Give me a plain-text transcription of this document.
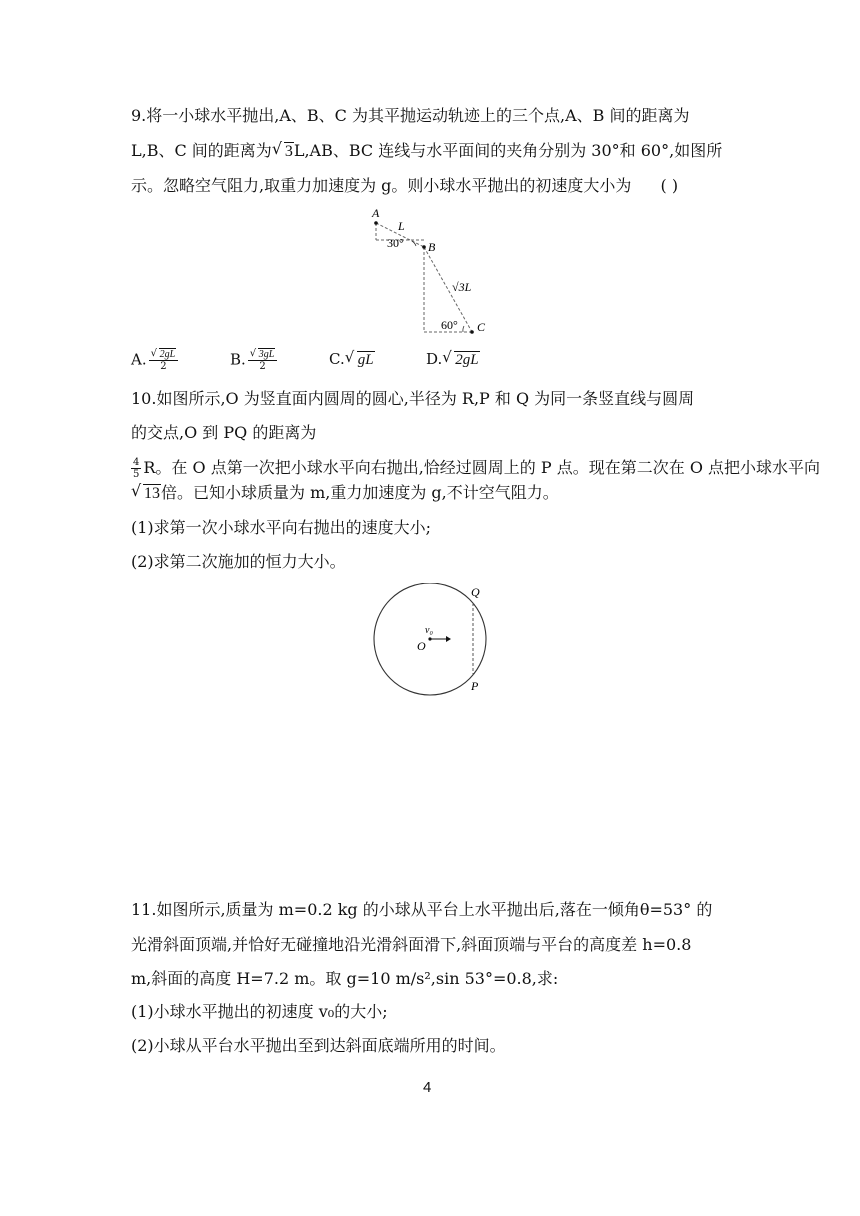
9.将一小球水平抛出,A、B、C 为其平抛运动轨迹上的三个点,A、B 间的距离为
L,B、C 间的距离为 √ 3L,AB、BC 连线与水平面间的夹角分别为 30°和 60°,如图所
示。忽略空气阻力,取重力加速度为 g。则小球水平抛出的初速度大小为 ( )
A
L
30° B
√3L
60° C
A. $\frac{√ 2gL}{2}$	B. $\frac{√ 3gL}{2}$	C. √ gL	D. √ 2gL
10.如图所示,O 为竖直面内圆周的圆心,半径为 R,P 和 Q 为同一条竖直线与圆周
的交点,O 到 PQ 的距离为
$\frac{4}{5}$ R。在 O 点第一次把小球水平向右抛出,恰经过圆周上的 P 点。现在第二次在 O 点把小球水平向
√ 13倍。已知小球质量为 m,重力加速度为 g,不计空气阻力。
(1)求第一次小球水平向右抛出的速度大小;
(2)求第二次施加的恒力大小。
v₀
O
Q
P
11.如图所示,质量为 m=0.2 kg 的小球从平台上水平抛出后,落在一倾角θ=53° 的
光滑斜面顶端,并恰好无碰撞地沿光滑斜面滑下,斜面顶端与平台的高度差 h=0.8
m,斜面的高度 H=7.2 m。取 g=10 m/s²,sin 53°=0.8,求:
(1)小球水平抛出的初速度 v₀的大小;
(2)小球从平台水平抛出至到达斜面底端所用的时间。
4
